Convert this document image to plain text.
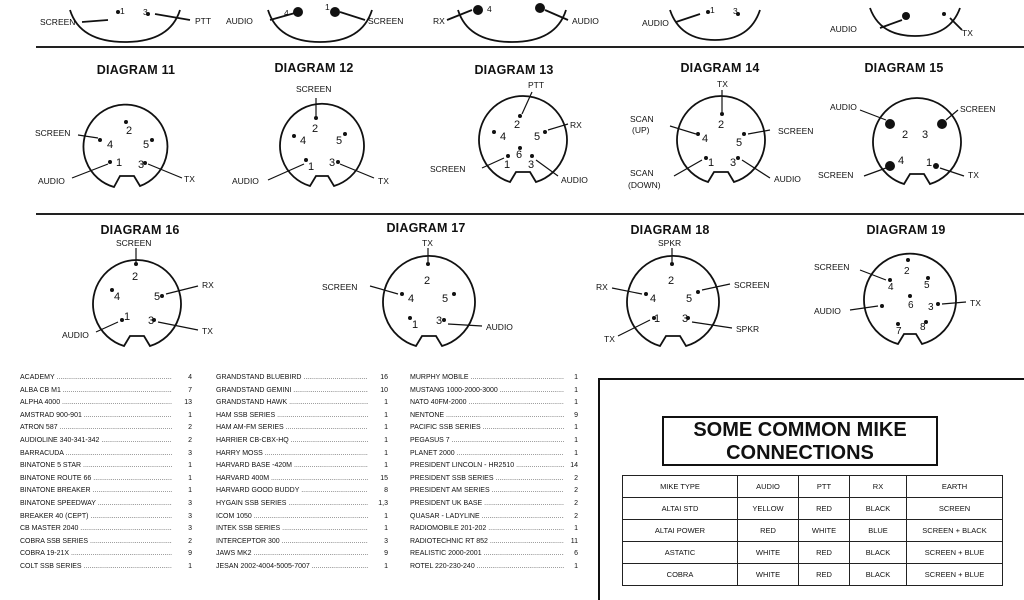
SCREEN	PTT AUDIO	SCREEN	RX	AUDIO	AUDIO
AUDIO	TX
1 3	4
1	4	1 3
DIAGRAM 11	DIAGRAM 12	DIAGRAM 13	DIAGRAM 14	DIAGRAM 15
2
4	5
1 3
SCREEN
AUDIO	TX
2
4	5
1 3
SCREEN
AUDIO	TX
2
4	5
6
1 3
PTT
RX
SCREEN
AUDIO
2
4	5
1 3
TX
SCAN
(UP)	SCREEN
SCAN
(DOWN)
AUDIO
2 3
4 1
AUDIO	SCREEN
SCREEN	TX
DIAGRAM 16	DIAGRAM 17	DIAGRAM 18	DIAGRAM 19
2
4	5
1 3
SCREEN
RX
AUDIO	TX
2
4	5
1 3
TX
SCREEN
AUDIO
2
4	5
1 3
SPKR
RX	SCREEN
TX
SPKR
2
4	5
6 3
7 8
SCREEN
AUDIO
TX
ACADEMY .....	4
ALBA CB M1 .....	7
ALPHA 4000 .....	13
AMSTRAD 900-901 .....	1
ATRON 587 .....	2
AUDIOLINE 340-341-342 .....	2
BARRACUDA .....	3
BINATONE 5 STAR .....	1
BINATONE ROUTE 66 .....	1
BINATONE BREAKER .....	1
BINATONE SPEEDWAY .....	3
BREAKER 40 (CEPT) .....	3
CB MASTER 2040 .....	3
COBRA SSB SERIES .....	2
COBRA 19-21X .....	9
COLT SSB SERIES .....	1
GRANDSTAND BLUEBIRD .....	16
GRANDSTAND GEMINI .....	10
GRANDSTAND HAWK .....	1
HAM SSB SERIES .....	1
HAM AM-FM SERIES .....	1
HARRIER CB-CBX-HQ .....	1
HARRY MOSS .....	1
HARVARD BASE -420M .....	1
HARVARD 400M .....	15
HARVARD GOOD BUDDY .....	8
HYGAIN SSB SERIES .....	1,3
ICOM 1050 .....	1
INTEK SSB SERIES .....	1
INTERCEPTOR 300 .....	3
JAWS MK2 .....	9
JESAN 2002-4004-5005-7007 .....	1
MURPHY MOBILE .....	1
MUSTANG 1000-2000-3000 .....	1
NATO 40FM-2000 .....	1
NENTONE .....	9
PACIFIC SSB SERIES .....	1
PEGASUS 7 .....	1
PLANET 2000 .....	1
PRESIDENT LINCOLN - HR2510 .....	14
PRESIDENT SSB SERIES .....	2
PRESIDENT AM SERIES .....	2
PRESIDENT UK BASE .....	2
QUASAR - LADYLINE .....	2
RADIOMOBILE 201-202 .....	1
RADIOTECHNIC RT 852 .....	11
REALISTIC 2000-2001 .....	6
ROTEL 220-230-240 .....	1
SOME COMMON MIKE
CONNECTIONS
MIKE TYPE	AUDIO	PTT	RX	EARTH
ALTAI STD	YELLOW	RED	BLACK	SCREEN
ALTAI POWER	RED	WHITE	BLUE	SCREEN + BLACK
ASTATIC	WHITE	RED	BLACK	SCREEN + BLUE
COBRA	WHITE	RED	BLACK	SCREEN + BLUE
